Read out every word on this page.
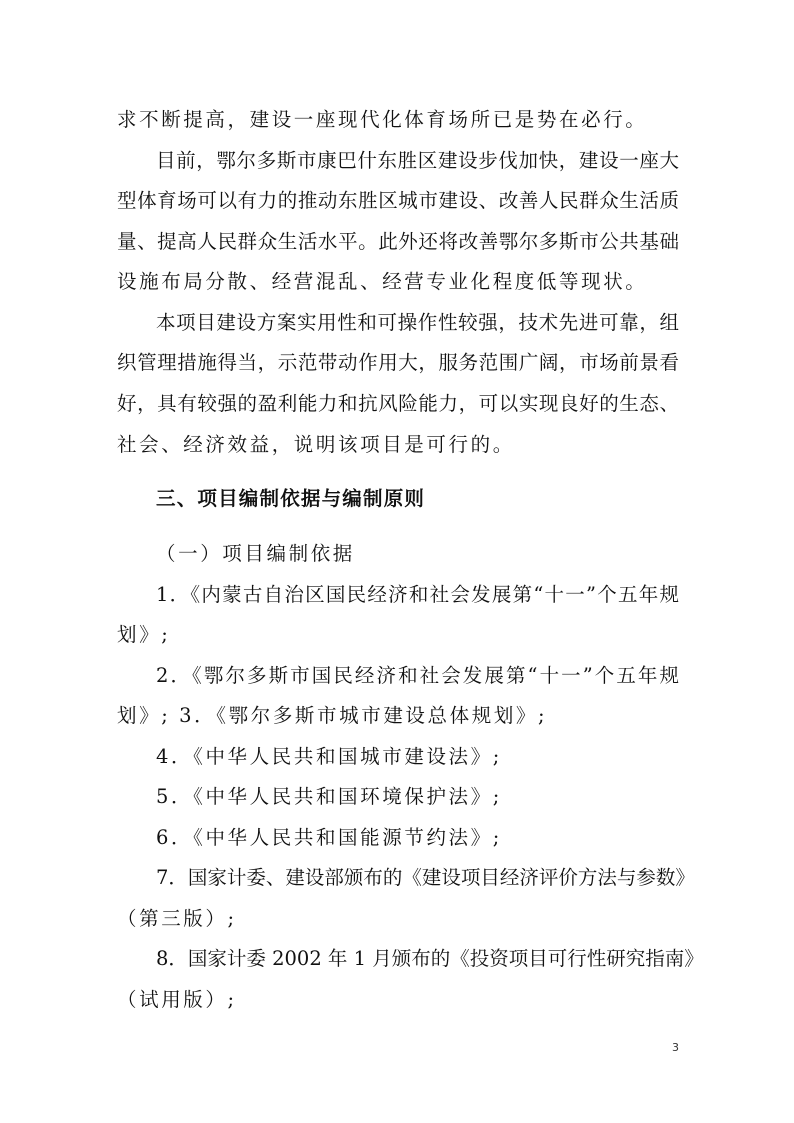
求不断提高，建设一座现代化体育场所已是势在必行。
目前，鄂尔多斯市康巴什东胜区建设步伐加快，建设一座大
型体育场可以有力的推动东胜区城市建设、改善人民群众生活质
量、提高人民群众生活水平。此外还将改善鄂尔多斯市公共基础
设施布局分散、经营混乱、经营专业化程度低等现状。
本项目建设方案实用性和可操作性较强，技术先进可靠，组
织管理措施得当，示范带动作用大，服务范围广阔，市场前景看
好，具有较强的盈利能力和抗风险能力，可以实现良好的生态、
社会、经济效益，说明该项目是可行的。
三、项目编制依据与编制原则
（一）项目编制依据
1．《内蒙古自治区国民经济和社会发展第“十一”个五年规
划》;
2．《鄂尔多斯市国民经济和社会发展第“十一”个五年规
划》; 3．《鄂尔多斯市城市建设总体规划》;
4．《中华人民共和国城市建设法》;
5．《中华人民共和国环境保护法》;
6．《中华人民共和国能源节约法》;
7．国家计委、建设部颁布的《建设项目经济评价方法与参数》
（第三版）;
8．国家计委 2002 年 1 月颁布的《投资项目可行性研究指南》
（试用版）;
3
